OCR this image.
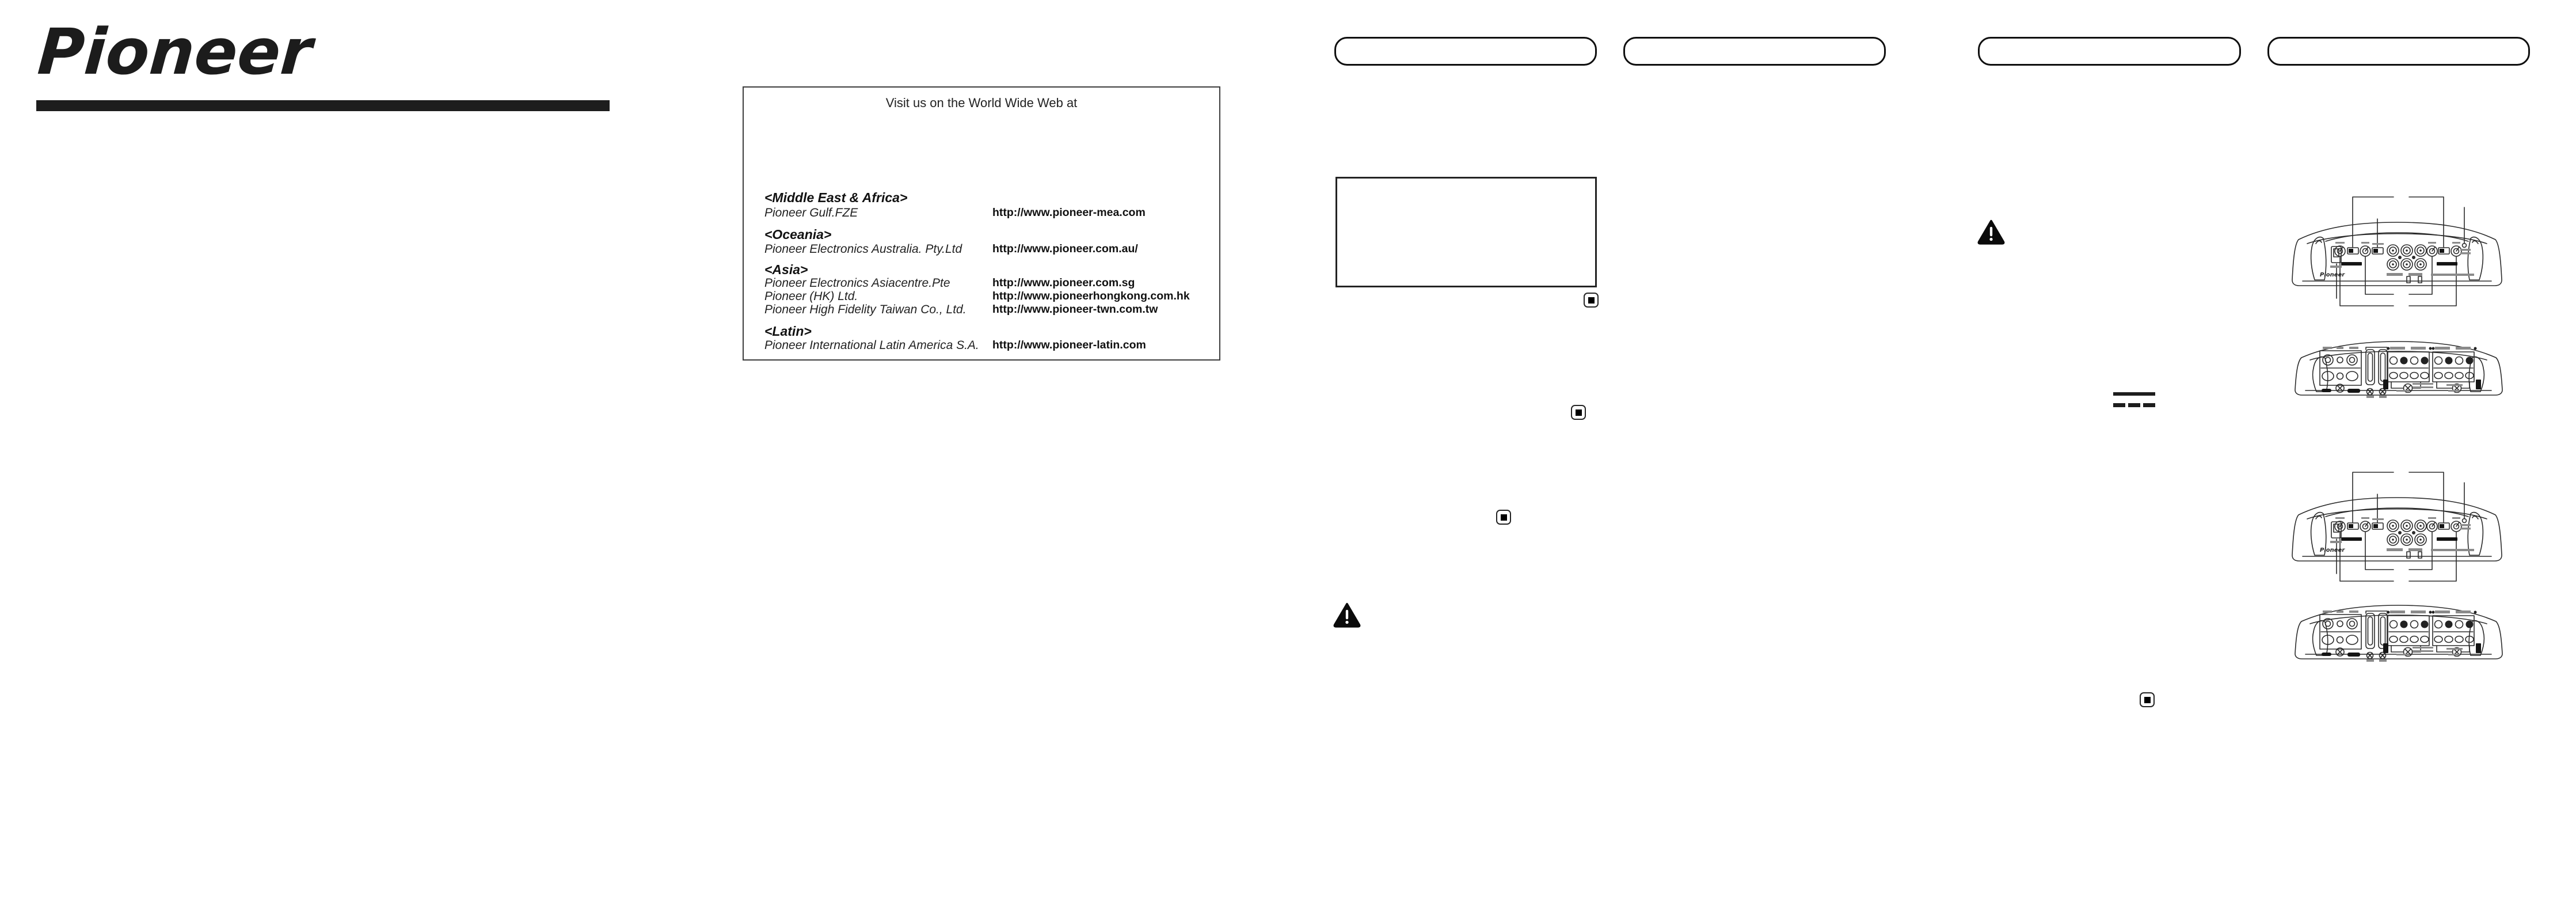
Pioneer
Visit us on the World Wide Web at
<Middle East & Africa>
Pioneer Gulf.FZE	http://www.pioneer-mea.com
<Oceania>
Pioneer Electronics Australia. Pty.Ltd	http://www.pioneer.com.au/
<Asia>
Pioneer Electronics Asiacentre.Pte	http://www.pioneer.com.sg
Pioneer (HK) Ltd.	http://www.pioneerhongkong.com.hk
Pioneer High Fidelity Taiwan Co., Ltd. http://www.pioneer-twn.com.tw
<Latin>
Pioneer International Latin America S.A. http://www.pioneer-latin.com
